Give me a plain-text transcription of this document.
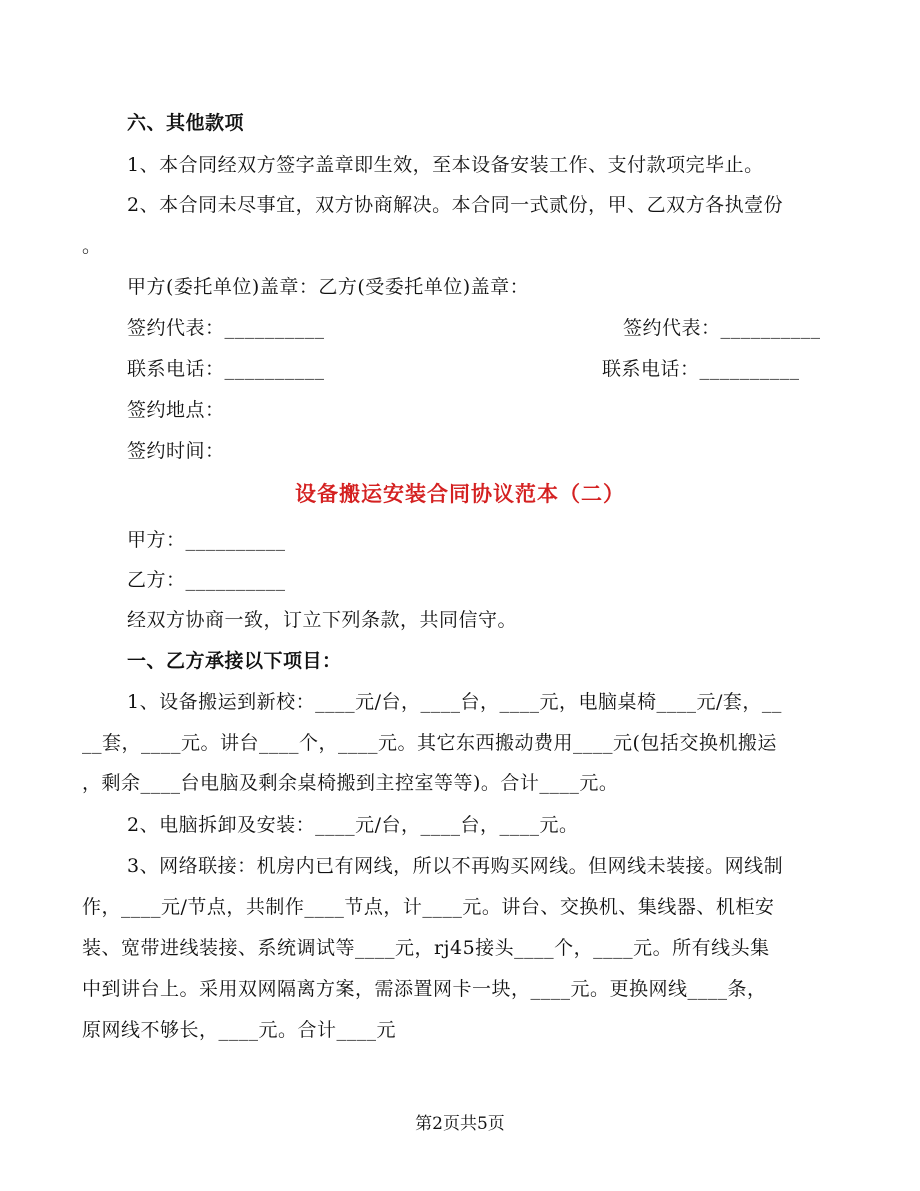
六、其他款项
1、本合同经双方签字盖章即生效，至本设备安装工作、支付款项完毕止。
2、本合同未尽事宜，双方协商解决。本合同一式贰份，甲、乙双方各执壹份
。
甲方(委托单位)盖章：乙方(受委托单位)盖章：
签约代表：__________	签约代表：__________
联系电话：__________	联系电话：__________
签约地点：
签约时间：
设备搬运安装合同协议范本（二）
甲方：__________
乙方：__________
经双方协商一致，订立下列条款，共同信守。
一、乙方承接以下项目：
1、设备搬运到新校：____元/台，____台，____元，电脑桌椅____元/套，__
__套，____元。讲台____个，____元。其它东西搬动费用____元(包括交换机搬运
，剩余____台电脑及剩余桌椅搬到主控室等等)。合计____元。
2、电脑拆卸及安装：____元/台，____台，____元。
3、网络联接：机房内已有网线，所以不再购买网线。但网线未装接。网线制
作，____元/节点，共制作____节点，计____元。讲台、交换机、集线器、机柜安
装、宽带进线装接、系统调试等____元，rj45接头____个，____元。所有线头集
中到讲台上。采用双网隔离方案，需添置网卡一块，____元。更换网线____条，
原网线不够长，____元。合计____元
第2页共5页
